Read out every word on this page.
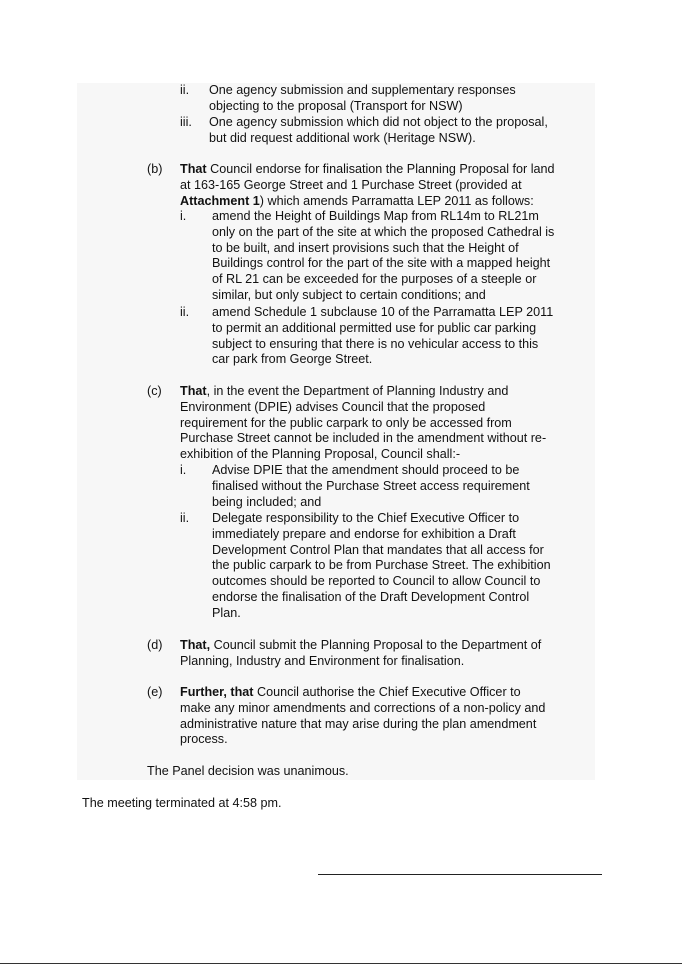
ii. One agency submission and supplementary responses
objecting to the proposal (Transport for NSW)
iii. One agency submission which did not object to the proposal,
but did request additional work (Heritage NSW).
(b) That Council endorse for finalisation the Planning Proposal for land
at 163-165 George Street and 1 Purchase Street (provided at
Attachment 1) which amends Parramatta LEP 2011 as follows:
i. amend the Height of Buildings Map from RL14m to RL21m
only on the part of the site at which the proposed Cathedral is
to be built, and insert provisions such that the Height of
Buildings control for the part of the site with a mapped height
of RL 21 can be exceeded for the purposes of a steeple or
similar, but only subject to certain conditions; and
ii. amend Schedule 1 subclause 10 of the Parramatta LEP 2011
to permit an additional permitted use for public car parking
subject to ensuring that there is no vehicular access to this
car park from George Street.
(c) That, in the event the Department of Planning Industry and
Environment (DPIE) advises Council that the proposed
requirement for the public carpark to only be accessed from
Purchase Street cannot be included in the amendment without re-
exhibition of the Planning Proposal, Council shall:-
i. Advise DPIE that the amendment should proceed to be
finalised without the Purchase Street access requirement
being included; and
ii. Delegate responsibility to the Chief Executive Officer to
immediately prepare and endorse for exhibition a Draft
Development Control Plan that mandates that all access for
the public carpark to be from Purchase Street. The exhibition
outcomes should be reported to Council to allow Council to
endorse the finalisation of the Draft Development Control
Plan.
(d) That, Council submit the Planning Proposal to the Department of
Planning, Industry and Environment for finalisation.
(e) Further, that Council authorise the Chief Executive Officer to
make any minor amendments and corrections of a non-policy and
administrative nature that may arise during the plan amendment
process.
The Panel decision was unanimous.
The meeting terminated at 4:58 pm.
